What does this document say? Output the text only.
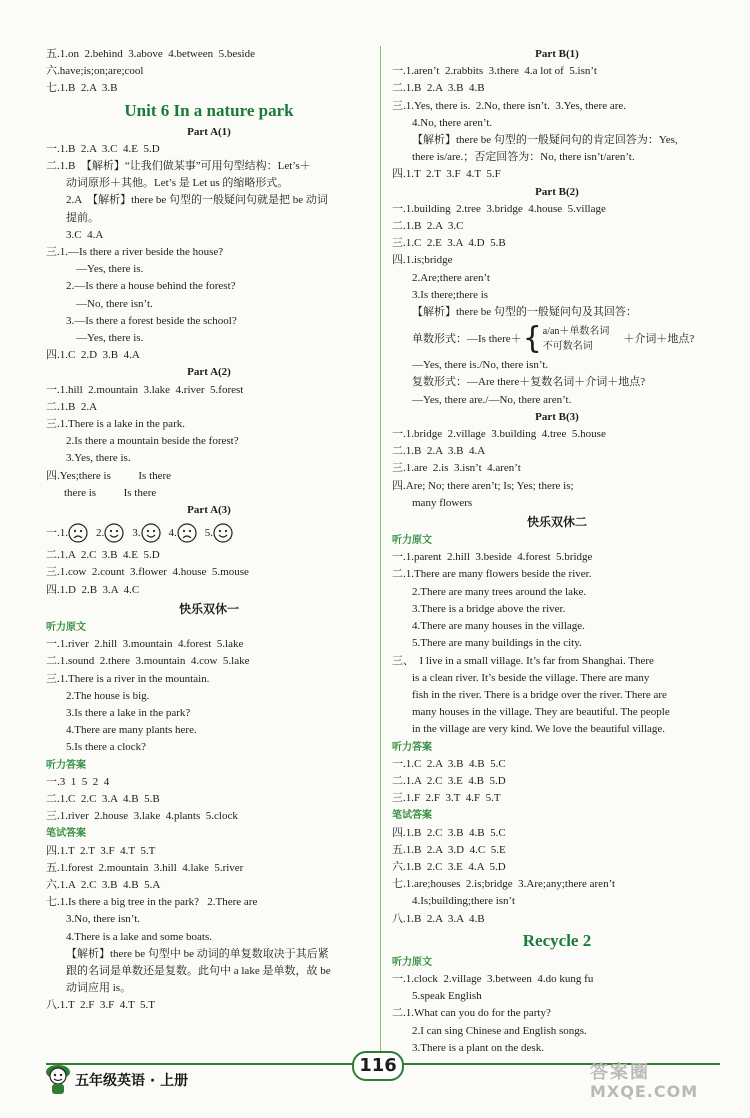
五.1.on  2.behind  3.above  4.between  5.beside
六.have;is;on;are;cool
七.1.B  2.A  3.B
Unit 6 In a nature park
Part A(1)
一.1.B  2.A  3.C  4.E  5.D
二.1.B  【解析】“让我们做某事”可用句型结构：Let’s＋
动词原形＋其他。Let’s 是 Let us 的缩略形式。
2.A  【解析】there be 句型的一般疑问句就是把 be 动词
提前。
3.C  4.A
三.1.—Is there a river beside the house?
—Yes, there is.
2.—Is there a house behind the forest?
—No, there isn’t.
3.—Is there a forest beside the school?
—Yes, there is.
四.1.C  2.D  3.B  4.A
Part A(2)
一.1.hill  2.mountain  3.lake  4.river  5.forest
二.1.B  2.A
三.1.There is a lake in the park.
2.Is there a mountain beside the forest?
3.Yes, there is.
四.Yes;there is          Is there
there is          Is there
Part A(3)
一. 1.	2.	3.	4.	5.
二.1.A  2.C  3.B  4.E  5.D
三.1.cow  2.count  3.flower  4.house  5.mouse
四.1.D  2.B  3.A  4.C
快乐双休一
听力原文
一.1.river  2.hill  3.mountain  4.forest  5.lake
二.1.sound  2.there  3.mountain  4.cow  5.lake
三.1.There is a river in the mountain.
2.The house is big.
3.Is there a lake in the park?
4.There are many plants here.
5.Is there a clock?
听力答案
一.3  1  5  2  4
二.1.C  2.C  3.A  4.B  5.B
三.1.river  2.house  3.lake  4.plants  5.clock
笔试答案
四.1.T  2.T  3.F  4.T  5.T
五.1.forest  2.mountain  3.hill  4.lake  5.river
六.1.A  2.C  3.B  4.B  5.A
七.1.Is there a big tree in the park?   2.There are
3.No, there isn’t.
4.There is a lake and some boats.
【解析】there be 句型中 be 动词的单复数取决于其后紧
跟的名词是单数还是复数。此句中 a lake 是单数，故 be
动词应用 is。
八.1.T  2.F  3.F  4.T  5.T
Part B(1)
一.1.aren’t  2.rabbits  3.there  4.a lot of  5.isn’t
二.1.B  2.A  3.B  4.B
三.1.Yes, there is.  2.No, there isn’t.  3.Yes, there are.
4.No, there aren’t.
【解析】there be 句型的一般疑问句的肯定回答为：Yes,
there is/are.；否定回答为：No, there isn’t/aren’t.
四.1.T  2.T  3.F  4.T  5.F
Part B(2)
一.1.building  2.tree  3.bridge  4.house  5.village
二.1.B  2.A  3.C
三.1.C  2.E  3.A  4.D  5.B
四.1.is;bridge
2.Are;there aren’t
3.Is there;there is
【解析】there be 句型的一般疑问句及其回答：
单数形式：—Is there＋ { a/an＋单数名词
不可数名词
＋介词＋地点?
—Yes, there is./No, there isn’t.
复数形式：—Are there＋复数名词＋介词＋地点?
—Yes, there are./—No, there aren’t.
Part B(3)
一.1.bridge  2.village  3.building  4.tree  5.house
二.1.B  2.A  3.B  4.A
三.1.are  2.is  3.isn’t  4.aren’t
四.Are; No; there aren’t; Is; Yes; there is;
many flowers
快乐双休二
听力原文
一.1.parent  2.hill  3.beside  4.forest  5.bridge
二.1.There are many flowers beside the river.
2.There are many trees around the lake.
3.There is a bridge above the river.
4.There are many houses in the village.
5.There are many buildings in the city.
三、  I live in a small village. It’s far from Shanghai. There
is a clean river. It’s beside the village. There are many
fish in the river. There is a bridge over the river. There are
many houses in the village. They are beautiful. The people
in the village are very kind. We love the beautiful village.
听力答案
一.1.C  2.A  3.B  4.B  5.C
二.1.A  2.C  3.E  4.B  5.D
三.1.F  2.F  3.T  4.F  5.T
笔试答案
四.1.B  2.C  3.B  4.B  5.C
五.1.B  2.A  3.D  4.C  5.E
六.1.B  2.C  3.E  4.A  5.D
七.1.are;houses  2.is;bridge  3.Are;any;there aren’t
4.Is;building;there isn’t
八.1.B  2.A  3.A  4.B
Recycle 2
听力原文
一.1.clock  2.village  3.between  4.do kung fu
5.speak English
二.1.What can you do for the party?
2.I can sing Chinese and English songs.
3.There is a plant on the desk.
五年级英语 · 上册
116	答案圈
MXQE.COM
